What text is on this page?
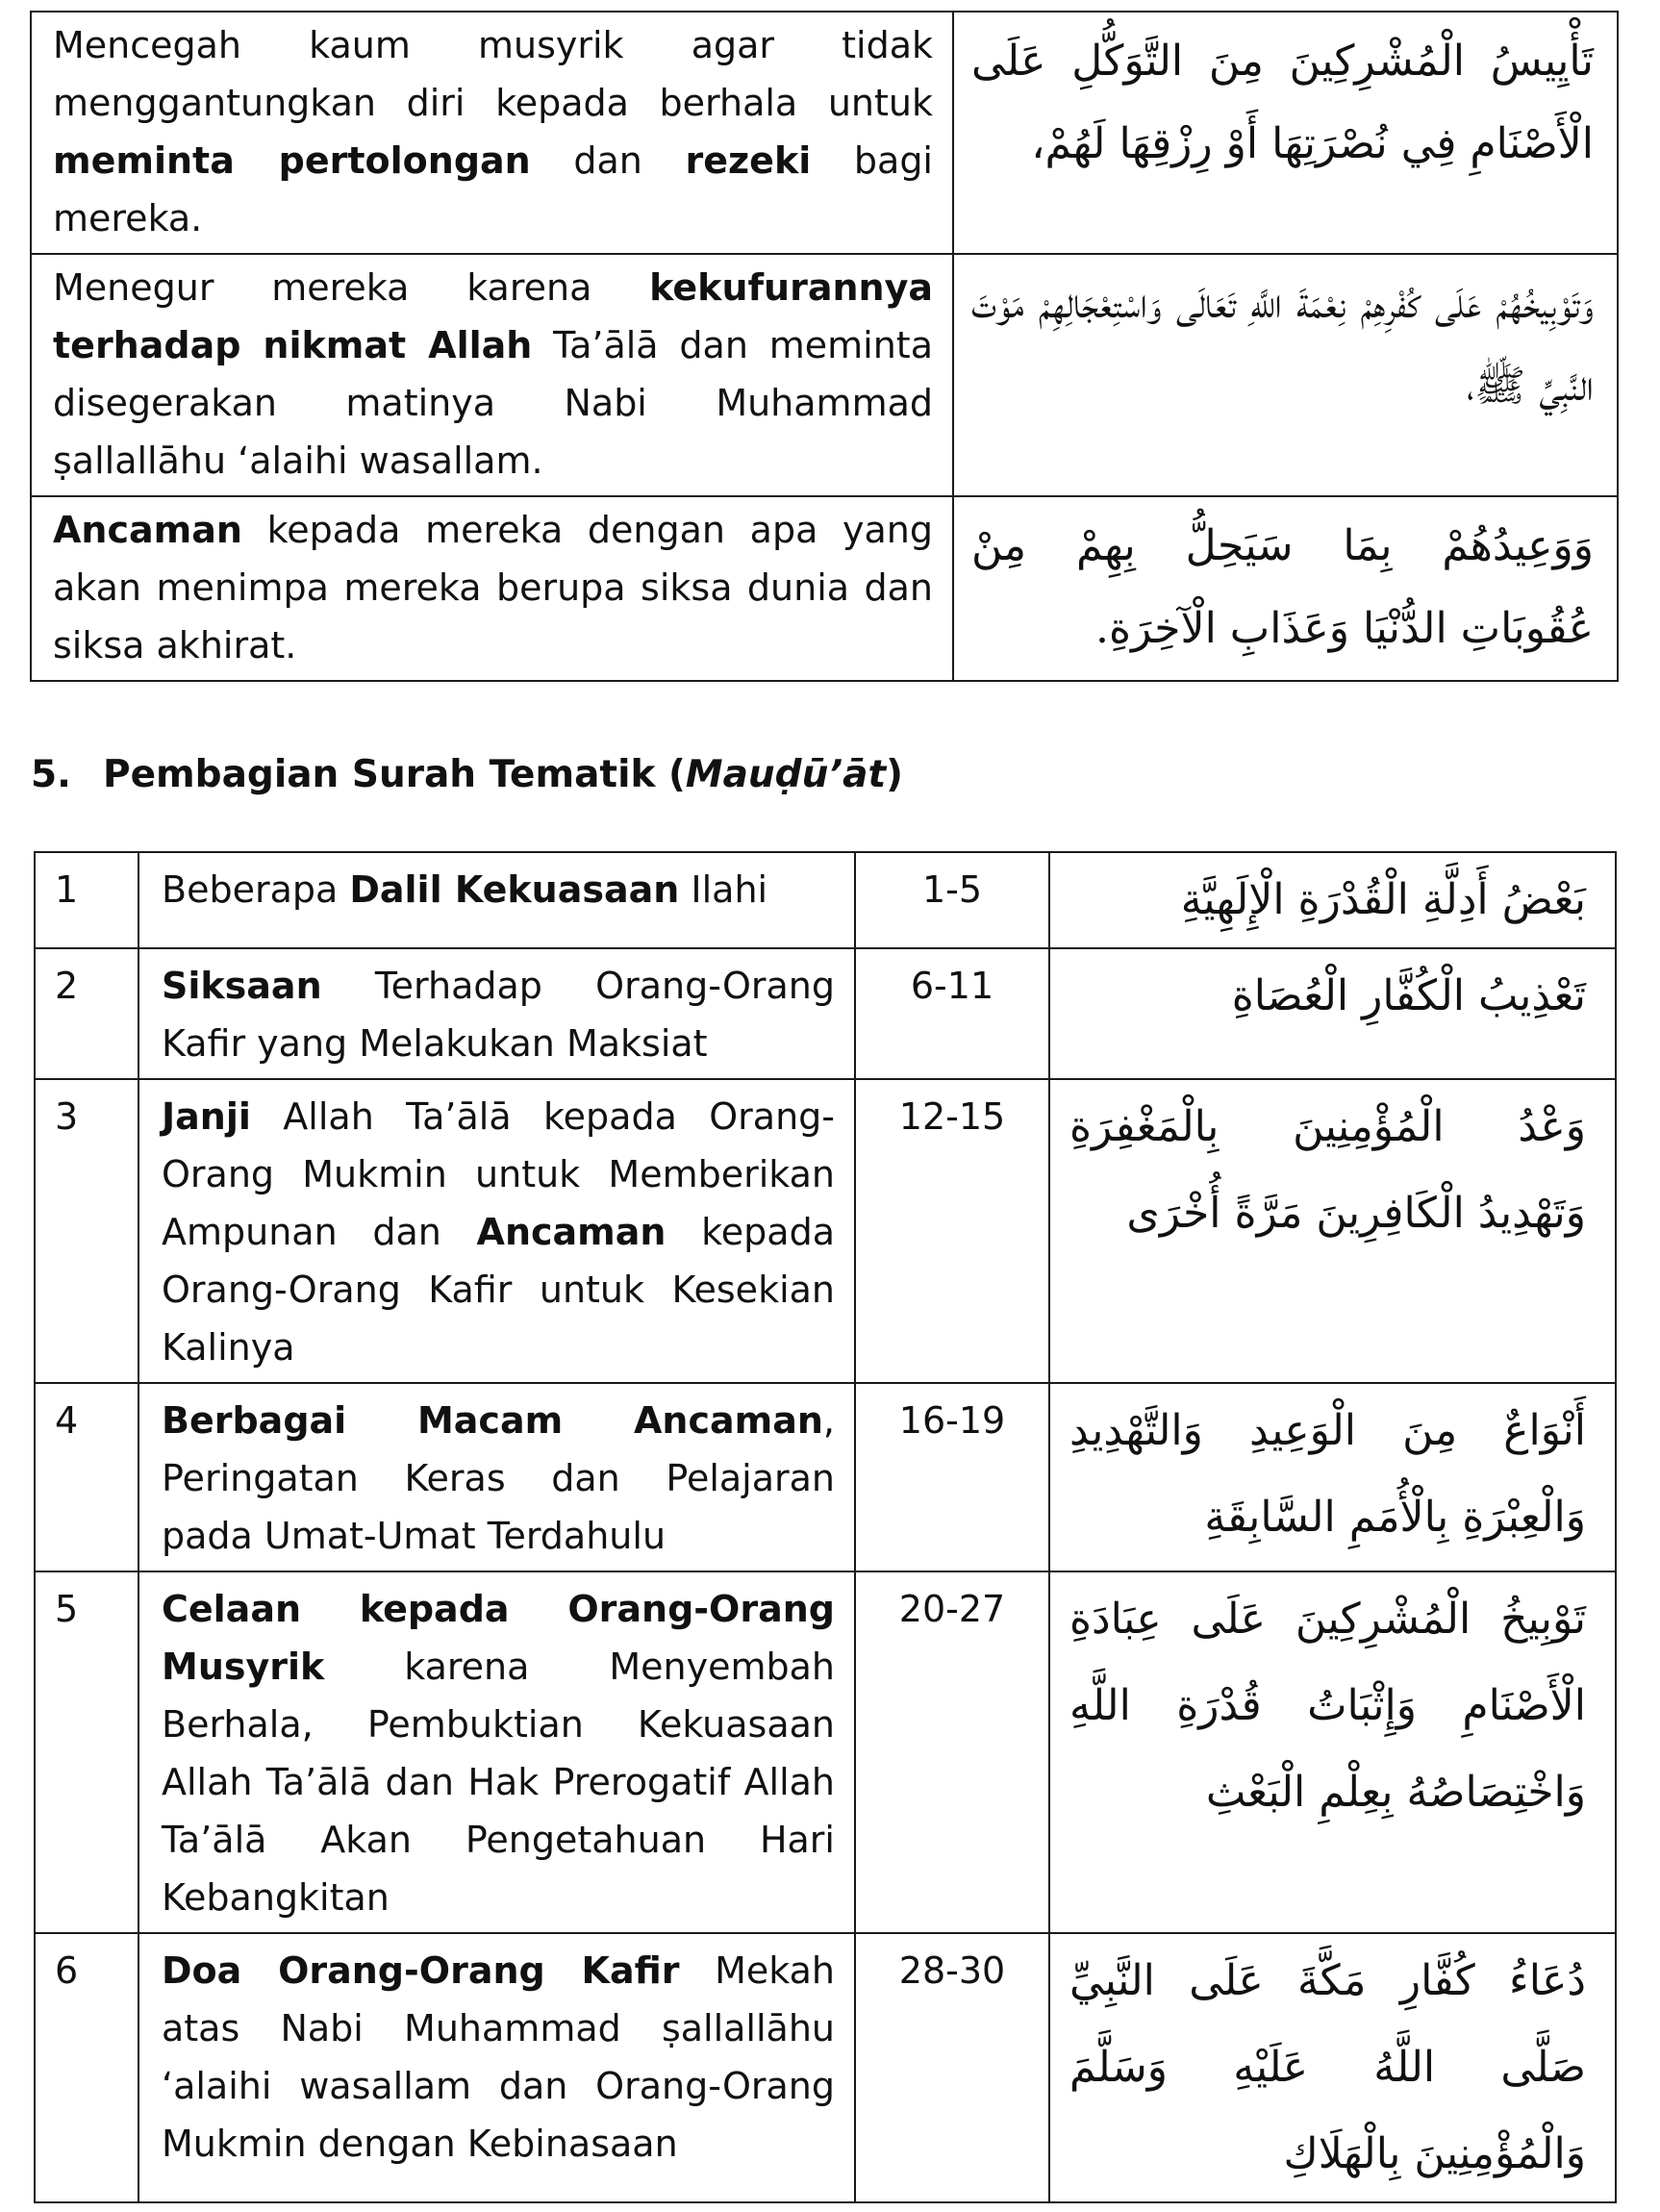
Mencegah kaum musyrik agar tidak menggantungkan diri kepada berhala untuk meminta pertolongan dan rezeki bagi mereka.	تَأْيِيسُ الْمُشْرِكِينَ مِنَ التَّوَكُّلِ عَلَى الْأَصْنَامِ فِي نُصْرَتِهَا أَوْ رِزْقِهَا لَهُمْ،
Menegur mereka karena kekufurannya terhadap nikmat Allah Ta’ālā dan meminta disegerakan matinya Nabi Muhammad ṣallallāhu ‘alaihi wasallam.	وَتَوْبِيخُهُمْ عَلَى كُفْرِهِمْ نِعْمَةَ اللَّهِ تَعَالَى وَاسْتِعْجَالِهِمْ مَوْتَ النَّبِيِّ ﷺ،
Ancaman kepada mereka dengan apa yang akan menimpa mereka berupa siksa dunia dan siksa akhirat.	وَوَعِيدُهُمْ بِمَا سَيَحِلُّ بِهِمْ مِنْ عُقُوبَاتِ الدُّنْيَا وَعَذَابِ الْآخِرَةِ.
5. Pembagian Surah Tematik (Mauḍū’āt)
1	Beberapa Dalil Kekuasaan Ilahi	1-5	بَعْضُ أَدِلَّةِ الْقُدْرَةِ الْإِلَهِيَّةِ
2	Siksaan Terhadap Orang-Orang Kafir yang Melakukan Maksiat	6-11	تَعْذِيبُ الْكُفَّارِ الْعُصَاةِ
3	Janji Allah Ta’ālā kepada Orang-Orang Mukmin untuk Memberikan Ampunan dan Ancaman kepada Orang-Orang Kafir untuk Kesekian Kalinya	12-15	وَعْدُ الْمُؤْمِنِينَ بِالْمَغْفِرَةِ وَتَهْدِيدُ الْكَافِرِينَ مَرَّةً أُخْرَى
4	Berbagai Macam Ancaman, Peringatan Keras dan Pelajaran pada Umat-Umat Terdahulu	16-19	أَنْوَاعٌ مِنَ الْوَعِيدِ وَالتَّهْدِيدِ وَالْعِبْرَةِ بِالْأُمَمِ السَّابِقَةِ
5	Celaan kepada Orang-Orang Musyrik karena Menyembah Berhala, Pembuktian Kekuasaan Allah Ta’ālā dan Hak Prerogatif Allah Ta’ālā Akan Pengetahuan Hari Kebangkitan	20-27	تَوْبِيخُ الْمُشْرِكِينَ عَلَى عِبَادَةِ الْأَصْنَامِ وَإِثْبَاتُ قُدْرَةِ اللَّهِ وَاخْتِصَاصُهُ بِعِلْمِ الْبَعْثِ
6	Doa Orang-Orang Kafir Mekah atas Nabi Muhammad ṣallallāhu ‘alaihi wasallam dan Orang-Orang Mukmin dengan Kebinasaan	28-30	دُعَاءُ كُفَّارِ مَكَّةَ عَلَى النَّبِيِّ صَلَّى اللَّهُ عَلَيْهِ وَسَلَّمَ وَالْمُؤْمِنِينَ بِالْهَلَاكِ
